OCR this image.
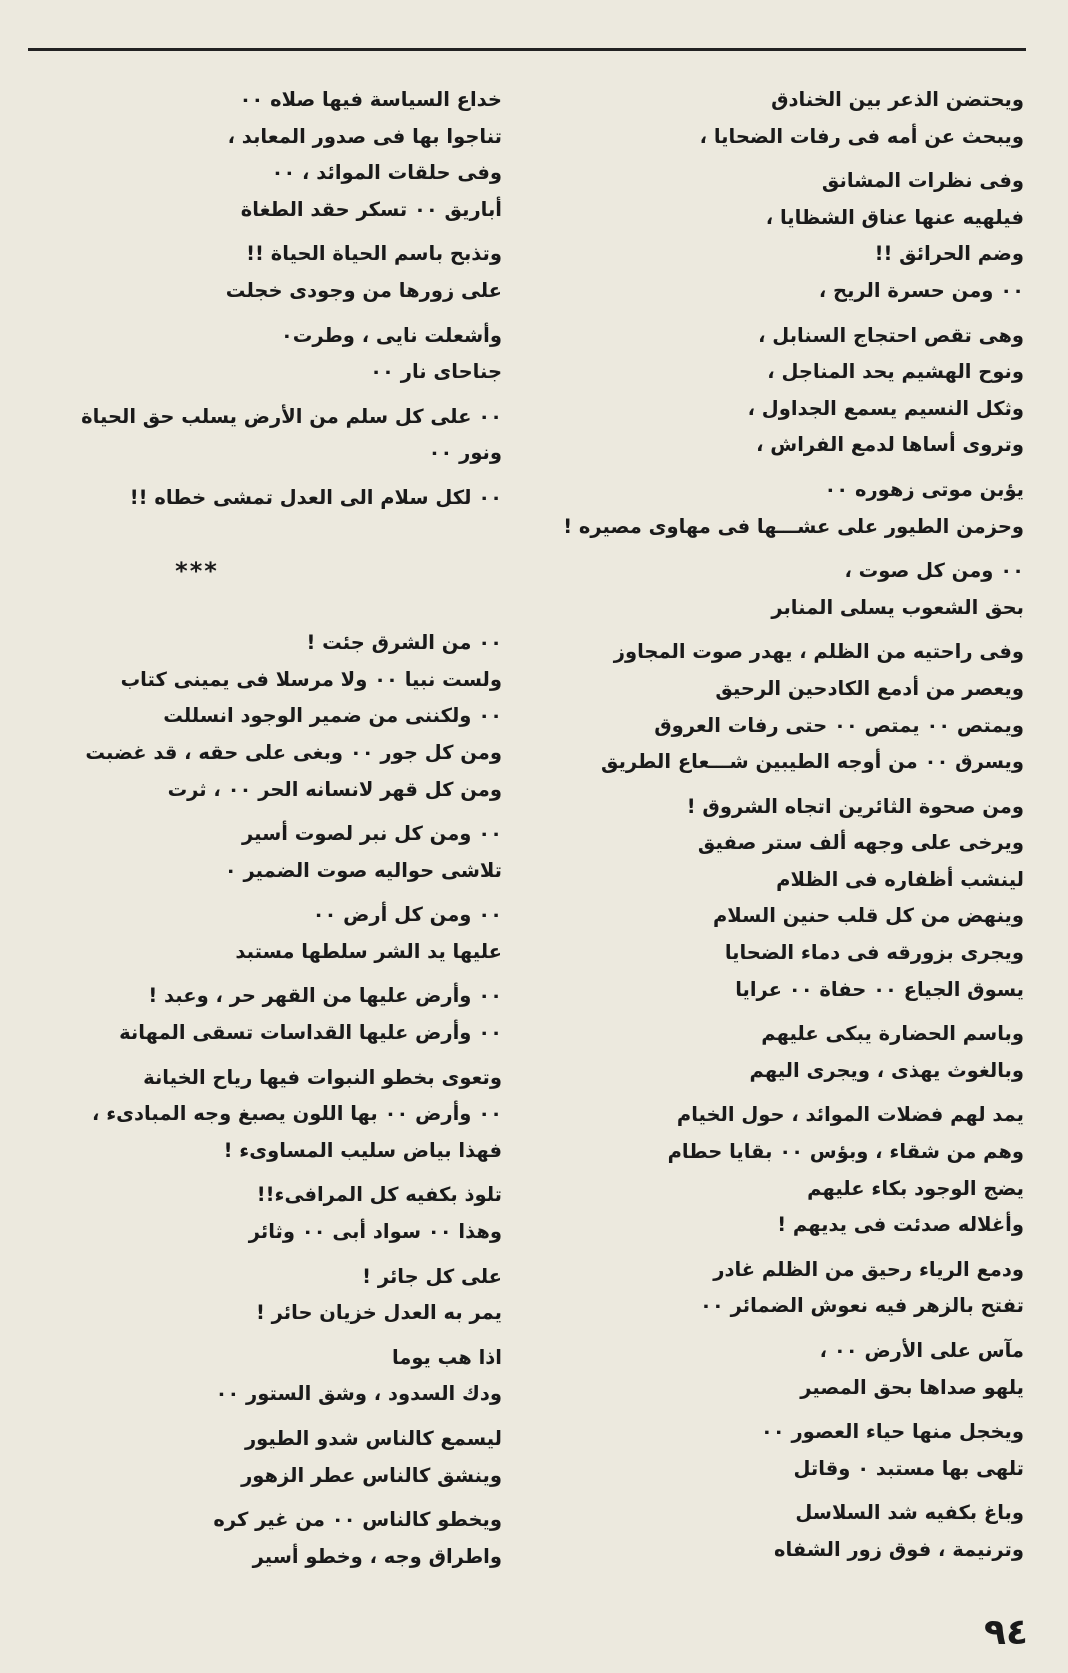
ويحتضن الذعر بين الخنادق
ويبحث عن أمه فى رفات الضحايا ،
وفى نظرات المشانق
فيلهيه عنها عناق الشظايا ،
وضم الحرائق !!
٠٠ ومن حسرة الريح ،
وهى تقص احتجاج السنابل ،
ونوح الهشيم يحد المناجل ،
وثكل النسيم يسمع الجداول ،
وتروى أساها لدمع الفراش ،
يؤبن موتى زهوره ٠٠
وحزمن الطيور على عشـــها فى مهاوى مصيره !
٠٠ ومن كل صوت ،
بحق الشعوب يسلى المنابر
وفى راحتيه من الظلم ، يهدر صوت المجاوز
ويعصر من أدمع الكادحين الرحيق
ويمتص ٠٠ يمتص ٠٠ حتى رفات العروق
ويسرق ٠٠ من أوجه الطيبين شـــعاع الطريق
ومن صحوة الثائرين اتجاه الشروق !
ويرخى على وجهه ألف ستر صفيق
لينشب أظفاره فى الظلام
وينهض من كل قلب حنين السلام
ويجرى بزورقه فى دماء الضحايا
يسوق الجياع ٠٠ حفاة ٠٠ عرايا
وباسم الحضارة يبكى عليهم
وبالغوث يهذى ، ويجرى اليهم
يمد لهم فضلات الموائد ، حول الخيام
وهم من شقاء ، وبؤس ٠٠ بقايا حطام
يضج الوجود بكاء عليهم
وأغلاله صدئت فى يديهم !
ودمع الرياء رحيق من الظلم غادر
تفتح بالزهر فيه نعوش الضمائر ٠٠
مآس على الأرض ٠٠ ،
يلهو صداها بحق المصير
ويخجل منها حياء العصور ٠٠
تلهى بها مستبد ٠ وقاتل
وباغ بكفيه شد السلاسل
وترنيمة ، فوق زور الشفاه
خداع السياسة فيها صلاه ٠٠
تناجوا بها فى صدور المعابد ،
وفى حلقات الموائد ، ٠٠
أباريق ٠٠ تسكر حقد الطغاة
وتذبح باسم الحياة الحياة !!
على زورها من وجودى خجلت
وأشعلت نايى ، وطرت٠
جناحاى نار ٠٠
٠٠ على كل سلم من الأرض يسلب حق الحياة
ونور ٠٠
٠٠ لكل سلام الى العدل تمشى خطاه !!
***
٠٠ من الشرق جئت !
ولست نبيا ٠٠ ولا مرسلا فى يمينى كتاب
٠٠ ولكننى من ضمير الوجود انسللت
ومن كل جور ٠٠ وبغى على حقه ، قد غضبت
ومن كل قهر لانسانه الحر ٠٠ ، ثرت
٠٠ ومن كل نبر لصوت أسير
تلاشى حواليه صوت الضمير ٠
٠٠ ومن كل أرض ٠٠
عليها يد الشر سلطها مستبد
٠٠ وأرض عليها من القهر حر ، وعبد !
٠٠ وأرض عليها القداسات تسقى المهانة
وتعوى بخطو النبوات فيها رياح الخيانة
٠٠ وأرض ٠٠ بها اللون يصبغ وجه المبادىء ،
فهذا بياض سليب المساوىء !
تلوذ بكفيه كل المرافىء!!
وهذا ٠٠ سواد أبى ٠٠ وثائر
على كل جائر !
يمر به العدل خزيان حائر !
اذا هب يوما
ودك السدود ، وشق الستور ٠٠
ليسمع كالناس شدو الطيور
وينشق كالناس عطر الزهور
ويخطو كالناس ٠٠ من غير كره
واطراق وجه ، وخطو أسير
٩٤
